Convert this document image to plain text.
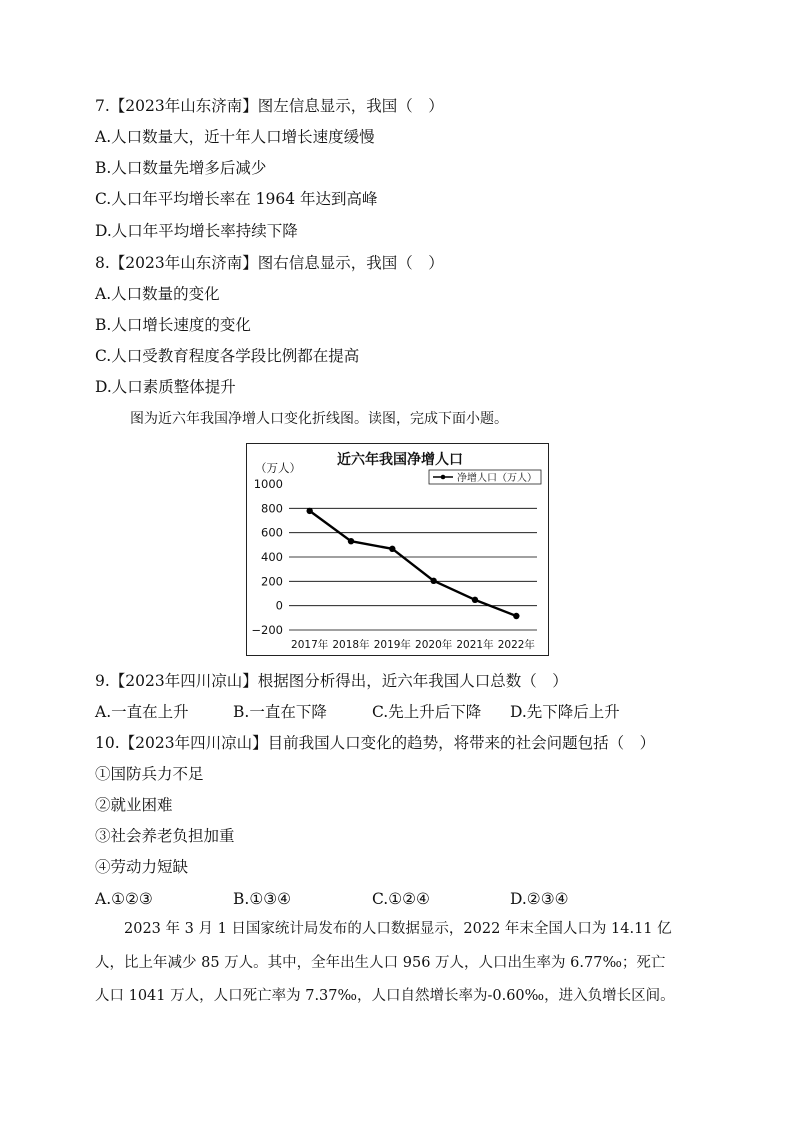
7.【2023年山东济南】图左信息显示，我国（　）
A.人口数量大，近十年人口增长速度缓慢
B.人口数量先增多后减少
C.人口年平均增长率在 1964 年达到高峰
D.人口年平均增长率持续下降
8.【2023年山东济南】图右信息显示，我国（　）
A.人口数量的变化
B.人口增长速度的变化
C.人口受教育程度各学段比例都在提高
D.人口素质整体提升
图为近六年我国净增人口变化折线图。读图，完成下面小题。
1000
800
600
400
200
0
−200
2017年 2018年 2019年 2020年 2021年 2022年
近六年我国净增人口
（万人）
净增人口（万人）
9.【2023年四川凉山】根据图分析得出，近六年我国人口总数（　）
A.一直在上升	B.一直在下降	C.先上升后下降 D.先下降后上升
10.【2023年四川凉山】目前我国人口变化的趋势，将带来的社会问题包括（　）
①国防兵力不足
②就业困难
③社会养老负担加重
④劳动力短缺
A.①②③	B.①③④	C.①②④	D.②③④
　　2023 年 3 月 1 日国家统计局发布的人口数据显示，2022 年末全国人口为 14.11 亿
人，比上年减少 85 万人。其中，全年出生人口 956 万人，人口出生率为 6.77‰；死亡
人口 1041 万人，人口死亡率为 7.37‰，人口自然增长率为-0.60‰，进入负增长区间。
